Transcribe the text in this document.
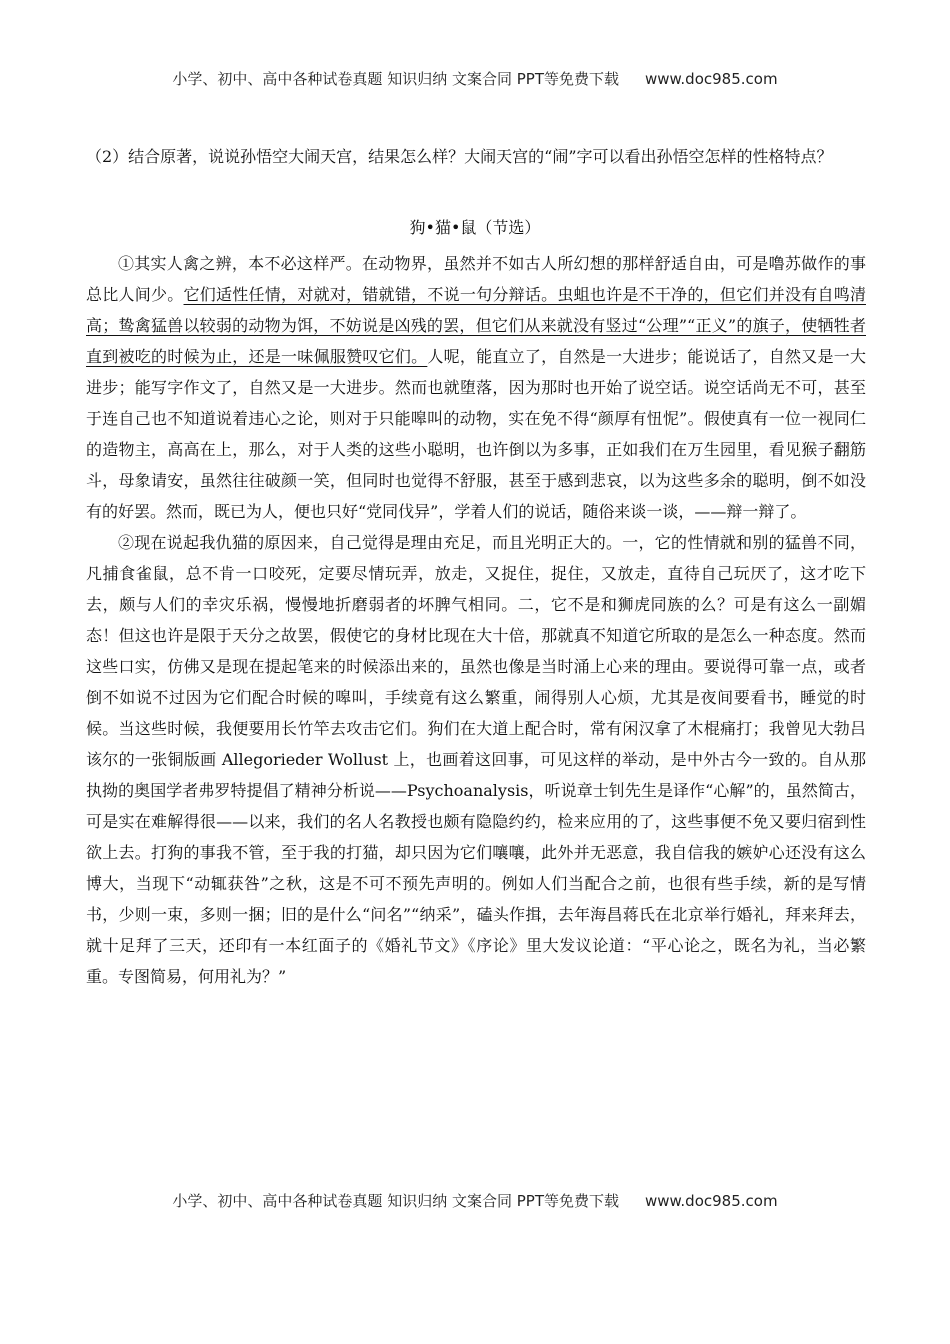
小学、初中、高中各种试卷真题 知识归纳 文案合同 PPT等免费下载 www.doc985.com
（2）结合原著，说说孙悟空大闹天宫，结果怎么样？大闹天宫的“闹”字可以看出孙悟空怎样的性格特点？
狗•猫•鼠（节选）

①其实人禽之辨，本不必这样严。在动物界，虽然并不如古人所幻想的那样舒适自由，可是噜苏做作的事总比人间少。它们适性任情，对就对，错就错，不说一句分辩话。虫蛆也许是不干净的，但它们并没有自鸣清高；鸷禽猛兽以较弱的动物为饵，不妨说是凶残的罢，但它们从来就没有竖过“公理”“正义”的旗子，使牺牲者直到被吃的时候为止，还是一味佩服赞叹它们。人呢，能直立了，自然是一大进步；能说话了，自然又是一大进步；能写字作文了，自然又是一大进步。然而也就堕落，因为那时也开始了说空话。说空话尚无不可，甚至于连自己也不知道说着违心之论，则对于只能嗥叫的动物，实在免不得“颜厚有忸怩”。假使真有一位一视同仁的造物主，高高在上，那么，对于人类的这些小聪明，也许倒以为多事，正如我们在万生园里，看见猴子翻筋斗，母象请安，虽然往往破颜一笑，但同时也觉得不舒服，甚至于感到悲哀，以为这些多余的聪明，倒不如没有的好罢。然而，既已为人，便也只好“党同伐异”，学着人们的说话，随俗来谈一谈，——辩一辩了。

②现在说起我仇猫的原因来，自己觉得是理由充足，而且光明正大的。一，它的性情就和别的猛兽不同，凡捕食雀鼠，总不肯一口咬死，定要尽情玩弄，放走，又捉住，捉住，又放走，直待自己玩厌了，这才吃下去，颇与人们的幸灾乐祸，慢慢地折磨弱者的坏脾气相同。二，它不是和狮虎同族的么？可是有这么一副媚态！但这也许是限于天分之故罢，假使它的身材比现在大十倍，那就真不知道它所取的是怎么一种态度。然而这些口实，仿佛又是现在提起笔来的时候添出来的，虽然也像是当时涌上心来的理由。要说得可靠一点，或者倒不如说不过因为它们配合时候的嗥叫，手续竟有这么繁重，闹得别人心烦，尤其是夜间要看书，睡觉的时候。当这些时候，我便要用长竹竿去攻击它们。狗们在大道上配合时，常有闲汉拿了木棍痛打；我曾见大勃吕该尔的一张铜版画 Allegorieder Wollust 上，也画着这回事，可见这样的举动，是中外古今一致的。自从那执拗的奥国学者弗罗特提倡了精神分析说——Psychoanalysis，听说章士钊先生是译作“心解”的，虽然简古，可是实在难解得很——以来，我们的名人名教授也颇有隐隐约约，检来应用的了，这些事便不免又要归宿到性欲上去。打狗的事我不管，至于我的打猫，却只因为它们嚷嚷，此外并无恶意，我自信我的嫉妒心还没有这么博大，当现下“动辄获咎”之秋，这是不可不预先声明的。例如人们当配合之前，也很有些手续，新的是写情书，少则一束，多则一捆；旧的是什么“问名”“纳采”，磕头作揖，去年海昌蒋氏在北京举行婚礼，拜来拜去，就十足拜了三天，还印有一本红面子的《婚礼节文》《序论》里大发议论道：“平心论之，既名为礼，当必繁重。专图简易，何用礼为？”

小学、初中、高中各种试卷真题 知识归纳 文案合同 PPT等免费下载 www.doc985.com
